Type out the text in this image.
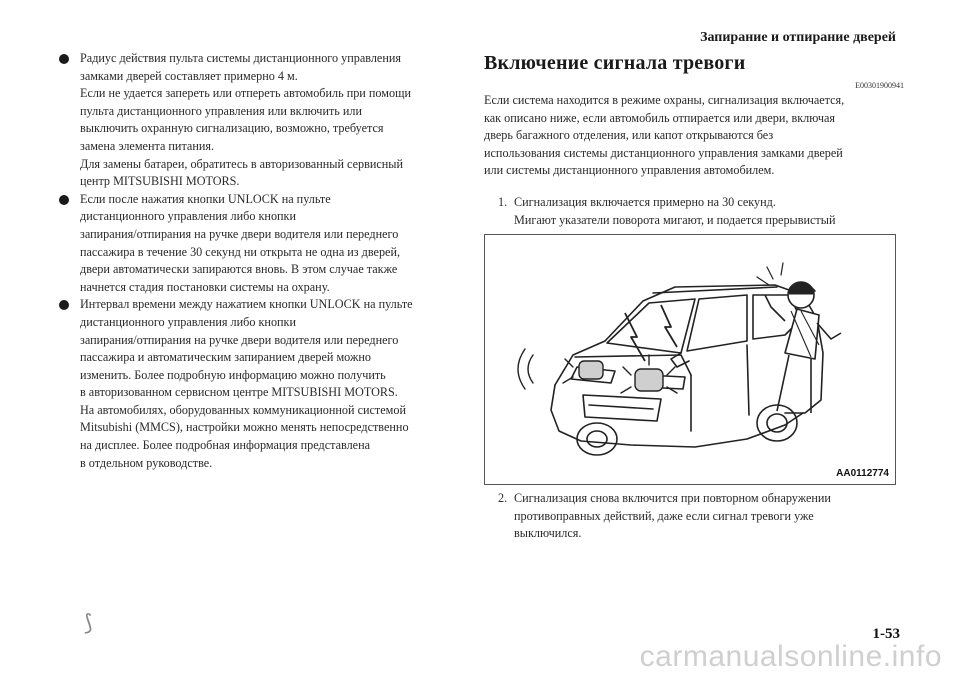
Запирание и отпирание дверей

Радиус действия пульта системы дистанционного управления

замками дверей составляет примерно 4 м.

Если не удается запереть или отпереть автомобиль при помощи

пульта дистанционного управления или включить или

выключить охранную сигнализацию, возможно, требуется

замена элемента питания.

Для замены батареи, обратитесь в авторизованный сервисный

центр MITSUBISHI MOTORS.

Если после нажатия кнопки UNLOCK на пульте

дистанционного управления либо кнопки

запирания/отпирания на ручке двери водителя или переднего

пассажира в течение 30 секунд ни открыта не одна из дверей,

двери автоматически запираются вновь. В этом случае также

начнется стадия постановки системы на охрану.

Интервал времени между нажатием кнопки UNLOCK на пульте

дистанционного управления либо кнопки

запирания/отпирания на ручке двери водителя или переднего

пассажира и автоматическим запиранием дверей можно

изменить. Более подробную информацию можно получить

в авторизованном сервисном центре MITSUBISHI MOTORS.

На автомобилях, оборудованных коммуникационной системой

Mitsubishi (MMCS), настройки можно менять непосредственно

на дисплее. Более подробная информация представлена

в отдельном руководстве.

Включение сигнала тревоги
E00301900941

Если система находится в режиме охраны, сигнализация включается,

как описано ниже, если автомобиль отпирается или двери, включая

дверь багажного отделения, или капот открываются без

использования системы дистанционного управления замками дверей

или системы дистанционного управления автомобилем.

1. Сигнализация включается примерно на 30 секунд.

Мигают указатели поворота мигают, и подается прерывистый

2. Сигнализация снова включится при повторном обнаружении

противоправных действий, даже если сигнал тревоги уже

выключился.

AA0112774
⟆	1-53
carmanualsonline.info
